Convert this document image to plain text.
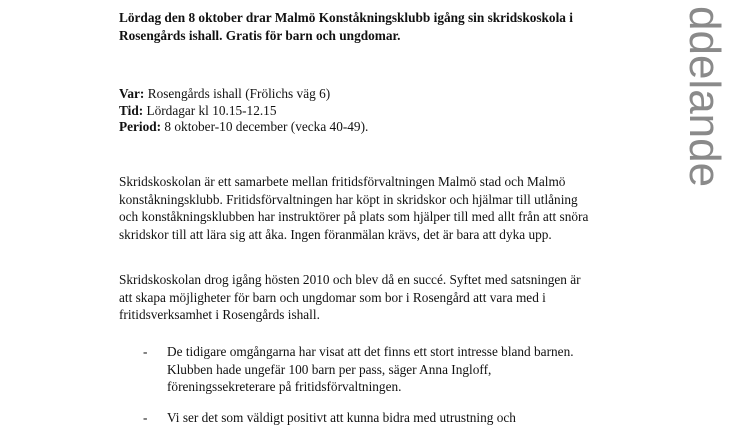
Lördag den 8 oktober drar Malmö Konståkningsklubb igång sin skridskoskola i Rosengårds ishall. Gratis för barn och ungdomar.
Var: Rosengårds ishall (Frölichs väg 6)
Tid: Lördagar kl 10.15-12.15
Period: 8 oktober-10 december (vecka 40-49).
Skridskoskolan är ett samarbete mellan fritidsförvaltningen Malmö stad och Malmö konståkningsklubb. Fritidsförvaltningen har köpt in skridskor och hjälmar till utlåning och konståkningsklubben har instruktörer på plats som hjälper till med allt från att snöra skridskor till att lära sig att åka. Ingen föranmälan krävs, det är bara att dyka upp.
Skridskoskolan drog igång hösten 2010 och blev då en succé. Syftet med satsningen är att skapa möjligheter för barn och ungdomar som bor i Rosengård att vara med i fritidsverksamhet i Rosengårds ishall.
- De tidigare omgångarna har visat att det finns ett stort intresse bland barnen. Klubben hade ungefär 100 barn per pass, säger Anna Ingloff, föreningssekreterare på fritidsförvaltningen.
- Vi ser det som väldigt positivt att kunna bidra med utrustning och
ddelande
